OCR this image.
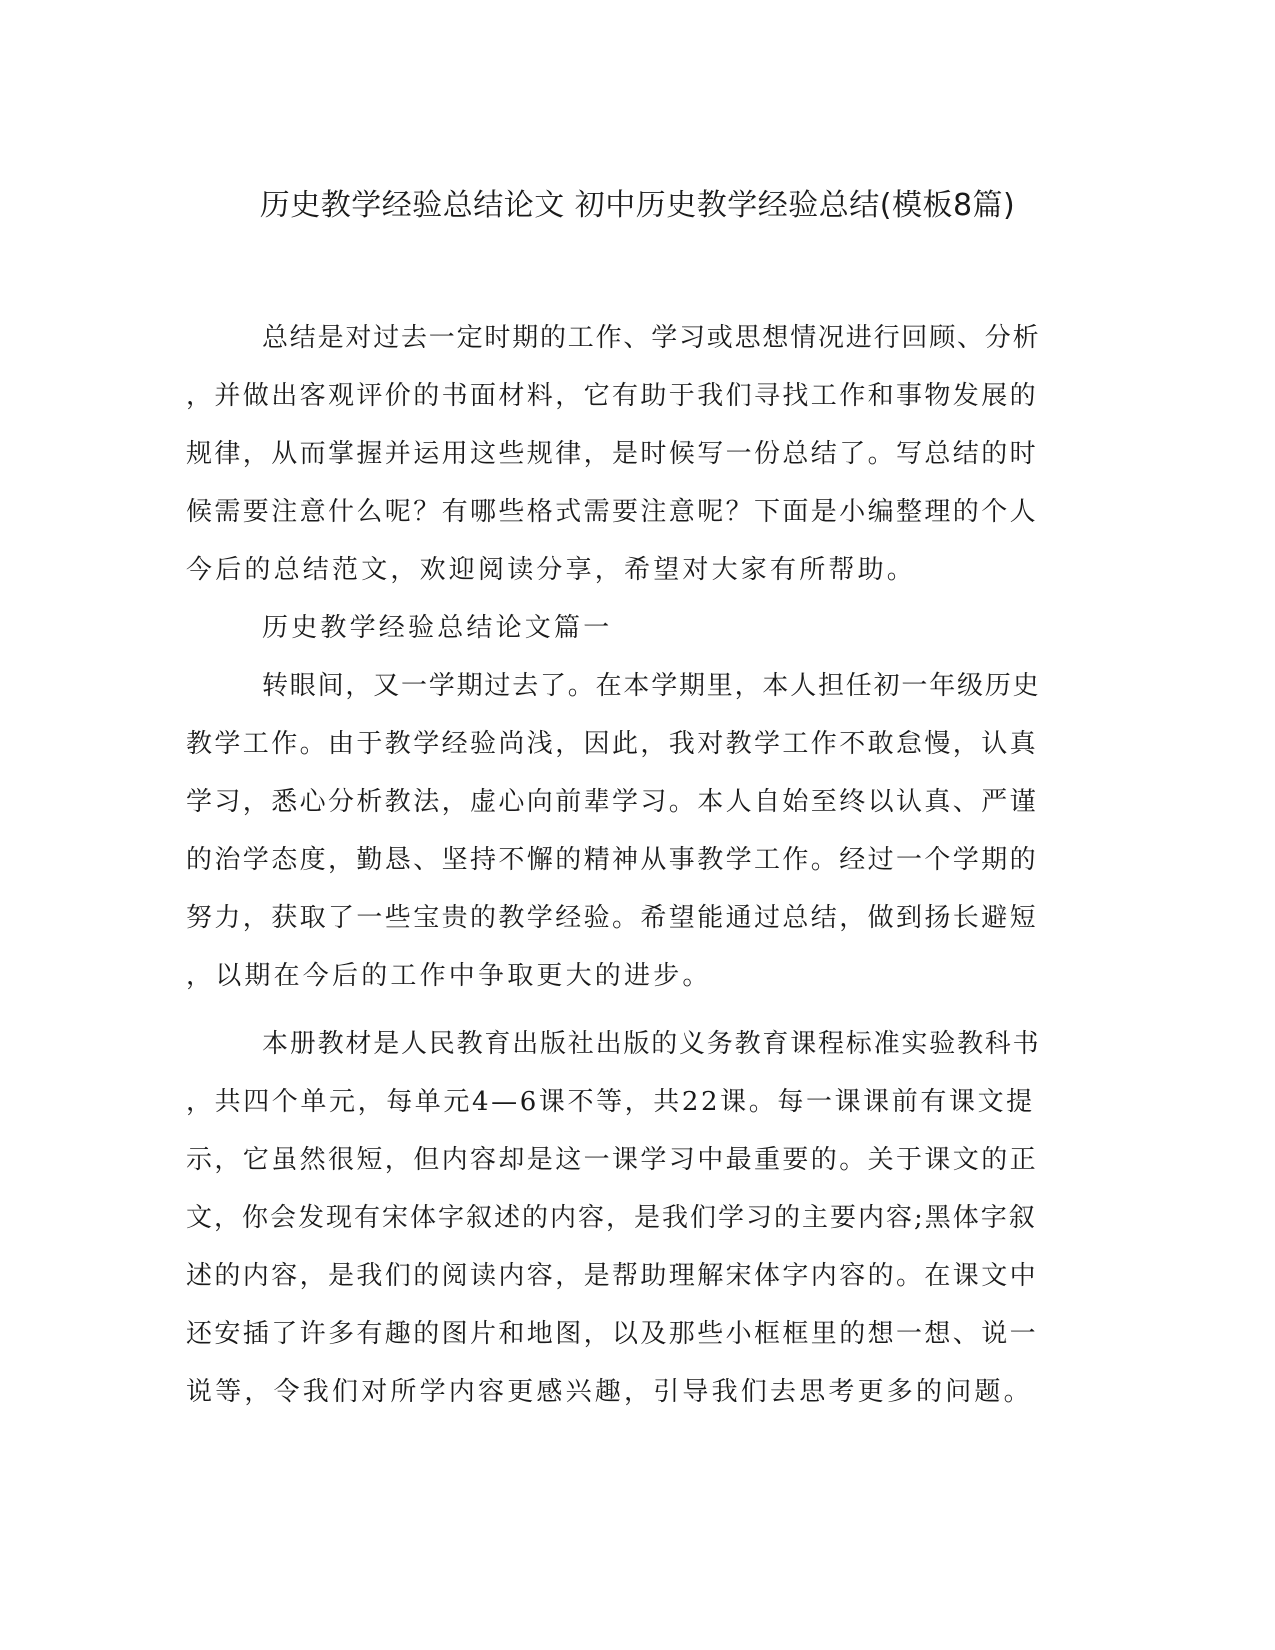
历史教学经验总结论文 初中历史教学经验总结(模板8篇)
总结是对过去一定时期的工作、学习或思想情况进行回顾、分析
，并做出客观评价的书面材料，它有助于我们寻找工作和事物发展的
规律，从而掌握并运用这些规律，是时候写一份总结了。写总结的时
候需要注意什么呢？有哪些格式需要注意呢？下面是小编整理的个人
今后的总结范文，欢迎阅读分享，希望对大家有所帮助。
历史教学经验总结论文篇一
转眼间，又一学期过去了。在本学期里，本人担任初一年级历史
教学工作。由于教学经验尚浅，因此，我对教学工作不敢怠慢，认真
学习，悉心分析教法，虚心向前辈学习。本人自始至终以认真、严谨
的治学态度，勤恳、坚持不懈的精神从事教学工作。经过一个学期的
努力，获取了一些宝贵的教学经验。希望能通过总结，做到扬长避短
，以期在今后的工作中争取更大的进步。
本册教材是人民教育出版社出版的义务教育课程标准实验教科书
，共四个单元，每单元4—6课不等，共22课。每一课课前有课文提
示，它虽然很短，但内容却是这一课学习中最重要的。关于课文的正
文，你会发现有宋体字叙述的内容，是我们学习的主要内容;黑体字叙
述的内容，是我们的阅读内容，是帮助理解宋体字内容的。在课文中
还安插了许多有趣的图片和地图，以及那些小框框里的想一想、说一
说等，令我们对所学内容更感兴趣，引导我们去思考更多的问题。
